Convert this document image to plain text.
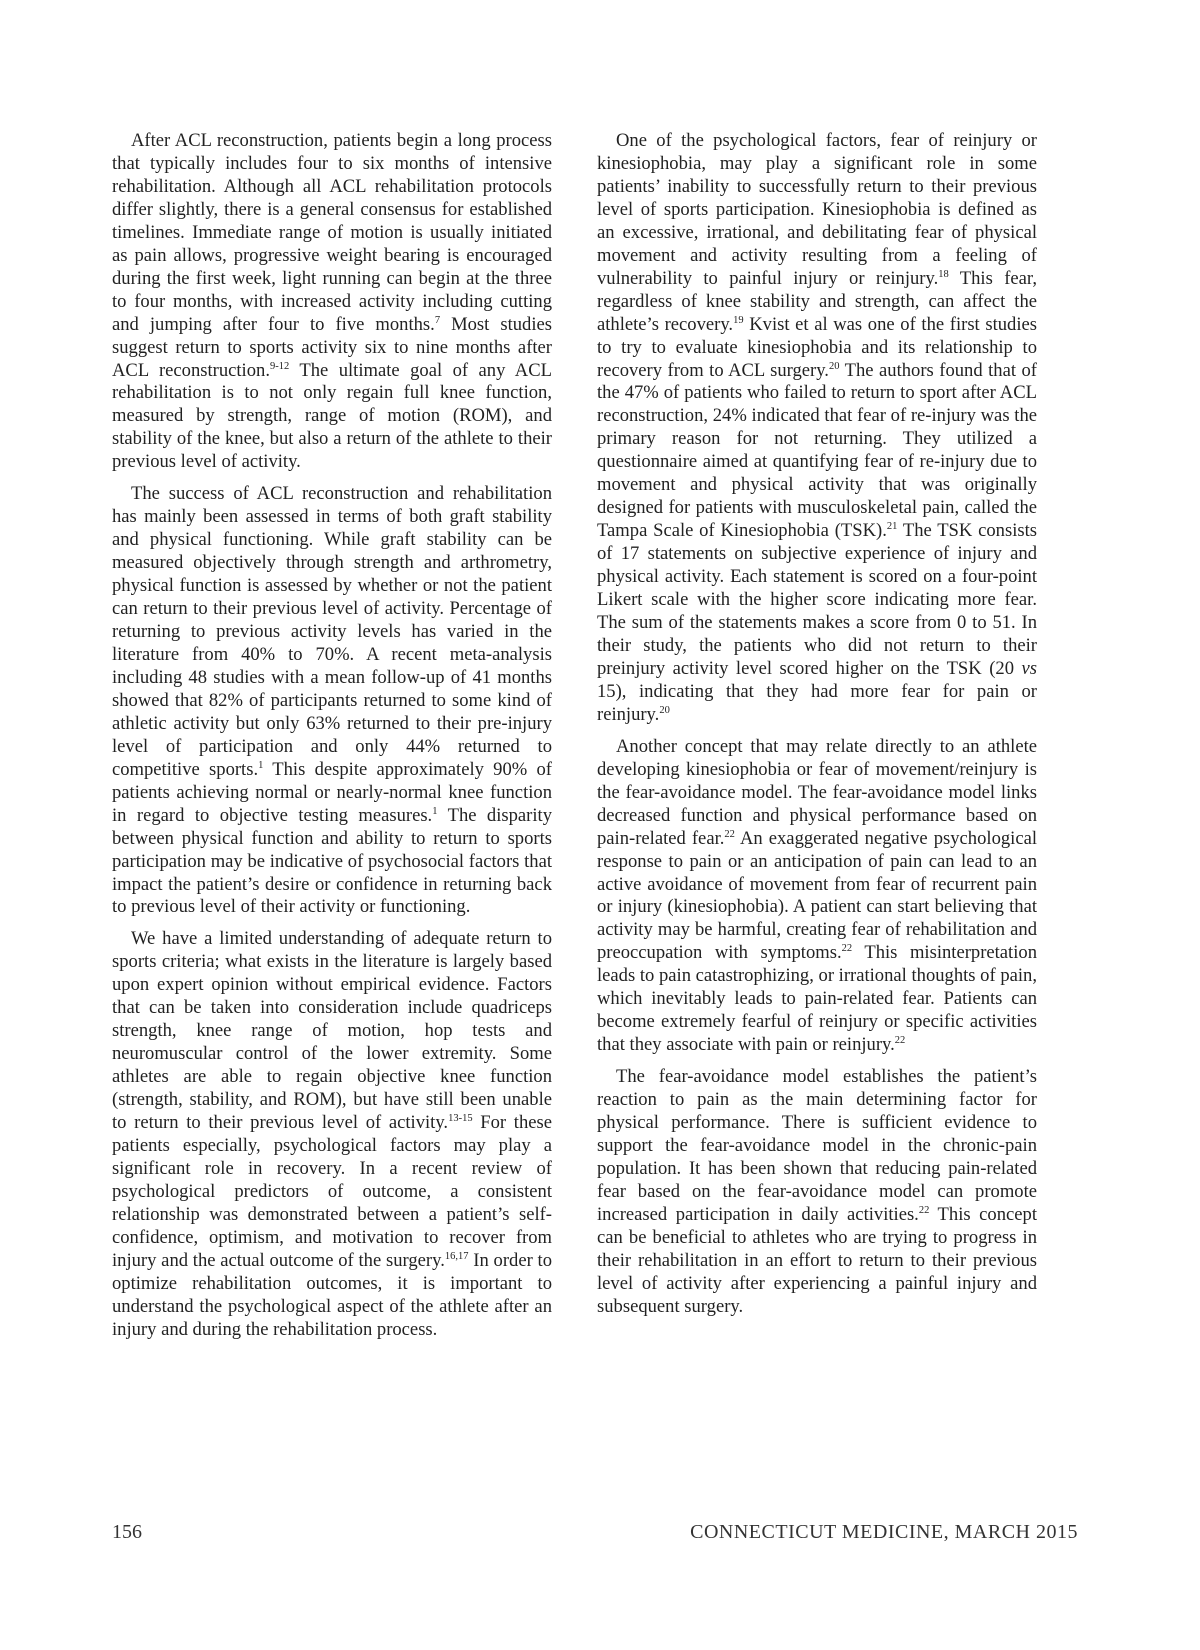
After ACL reconstruction, patients begin a long process that typically includes four to six months of intensive rehabilitation. Although all ACL rehabilitation protocols differ slightly, there is a general consensus for established timelines. Immediate range of motion is usually initiated as pain allows, progressive weight bearing is encouraged during the first week, light running can begin at the three to four months, with increased activity including cutting and jumping after four to five months.$^7$ Most studies suggest return to sports activity six to nine months after ACL reconstruction.$^{9-12}$ The ultimate goal of any ACL rehabilitation is to not only regain full knee function, measured by strength, range of motion (ROM), and stability of the knee, but also a return of the athlete to their previous level of activity.

The success of ACL reconstruction and rehabilitation has mainly been assessed in terms of both graft stability and physical functioning. While graft stability can be measured objectively through strength and arthrometry, physical function is assessed by whether or not the patient can return to their previous level of activity. Percentage of returning to previous activity levels has varied in the literature from 40% to 70%. A recent meta-analysis including 48 studies with a mean follow-up of 41 months showed that 82% of participants returned to some kind of athletic activity but only 63% returned to their pre-injury level of participation and only 44% returned to competitive sports.$^1$ This despite approximately 90% of patients achieving normal or nearly-normal knee function in regard to objective testing measures.$^1$ The disparity between physical function and ability to return to sports participation may be indicative of psychosocial factors that impact the patient’s desire or confidence in returning back to previous level of their activity or functioning.

We have a limited understanding of adequate return to sports criteria; what exists in the literature is largely based upon expert opinion without empirical evidence. Factors that can be taken into consideration include quadriceps strength, knee range of motion, hop tests and neuromuscular control of the lower extremity. Some athletes are able to regain objective knee function (strength, stability, and ROM), but have still been unable to return to their previous level of activity.$^{13-15}$ For these patients especially, psychological factors may play a significant role in recovery. In a recent review of psychological predictors of outcome, a consistent relationship was demonstrated between a patient’s self-confidence, optimism, and motivation to recover from injury and the actual outcome of the surgery.$^{16,17}$ In order to optimize rehabilitation outcomes, it is important to understand the psychological aspect of the athlete after an injury and during the rehabilitation process.

One of the psychological factors, fear of reinjury or kinesiophobia, may play a significant role in some patients’ inability to successfully return to their previous level of sports participation. Kinesiophobia is defined as an excessive, irrational, and debilitating fear of physical movement and activity resulting from a feeling of vulnerability to painful injury or reinjury.$^{18}$ This fear, regardless of knee stability and strength, can affect the athlete’s recovery.$^{19}$ Kvist et al was one of the first studies to try to evaluate kinesiophobia and its relationship to recovery from to ACL surgery.$^{20}$ The authors found that of the 47% of patients who failed to return to sport after ACL reconstruction, 24% indicated that fear of re-injury was the primary reason for not returning. They utilized a questionnaire aimed at quantifying fear of re-injury due to movement and physical activity that was originally designed for patients with musculoskeletal pain, called the Tampa Scale of Kinesiophobia (TSK).$^{21}$ The TSK consists of 17 statements on subjective experience of injury and physical activity. Each statement is scored on a four-point Likert scale with the higher score indicating more fear. The sum of the statements makes a score from 0 to 51. In their study, the patients who did not return to their preinjury activity level scored higher on the TSK (20 vs 15), indicating that they had more fear for pain or reinjury.$^{20}$

Another concept that may relate directly to an athlete developing kinesiophobia or fear of movement/reinjury is the fear-avoidance model. The fear-avoidance model links decreased function and physical performance based on pain-related fear.$^{22}$ An exaggerated negative psychological response to pain or an anticipation of pain can lead to an active avoidance of movement from fear of recurrent pain or injury (kinesiophobia). A patient can start believing that activity may be harmful, creating fear of rehabilitation and preoccupation with symptoms.$^{22}$ This misinterpretation leads to pain catastrophizing, or irrational thoughts of pain, which inevitably leads to pain-related fear. Patients can become extremely fearful of reinjury or specific activities that they associate with pain or reinjury.$^{22}$

The fear-avoidance model establishes the patient’s reaction to pain as the main determining factor for physical performance. There is sufficient evidence to support the fear-avoidance model in the chronic-pain population. It has been shown that reducing pain-related fear based on the fear-avoidance model can promote increased participation in daily activities.$^{22}$ This concept can be beneficial to athletes who are trying to progress in their rehabilitation in an effort to return to their previous level of activity after experiencing a painful injury and subsequent surgery.

156	CONNECTICUT MEDICINE, MARCH 2015
